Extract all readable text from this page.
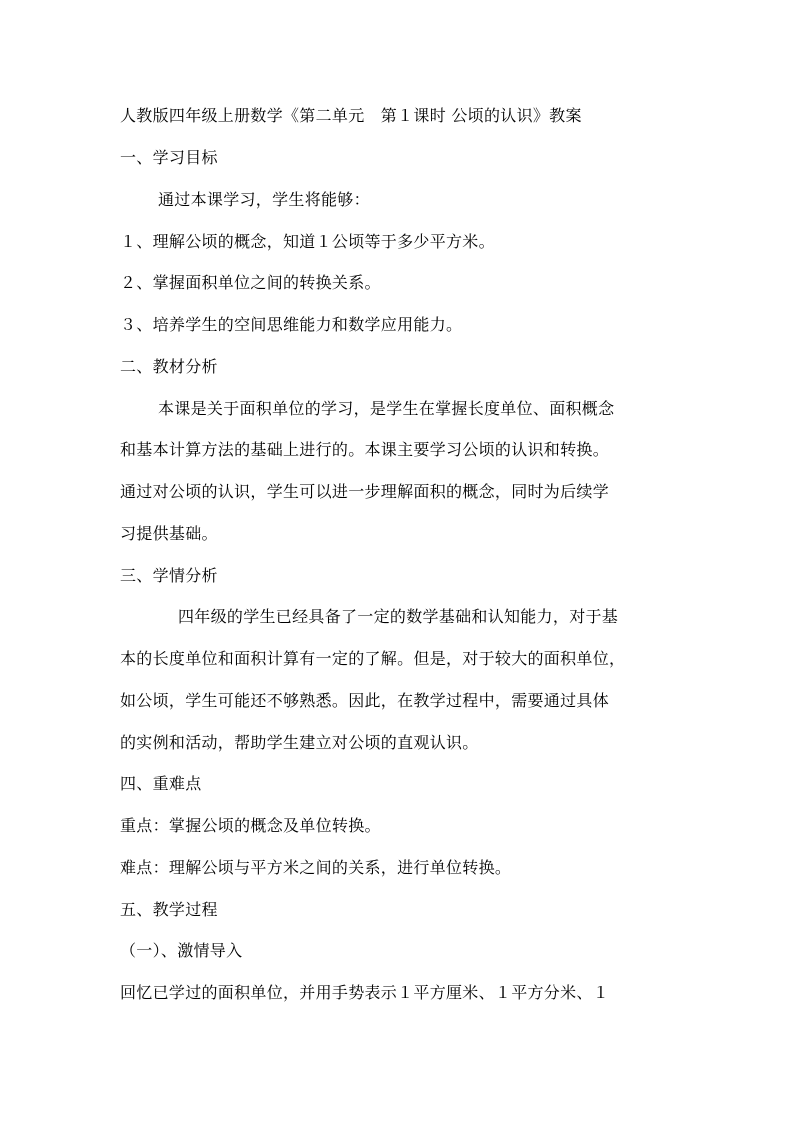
人教版四年级上册数学《第二单元　第１课时 公顷的认识》教案
一、学习目标
通过本课学习，学生将能够：
１、理解公顷的概念，知道１公顷等于多少平方米。
２、掌握面积单位之间的转换关系。
３、培养学生的空间思维能力和数学应用能力。
二、教材分析
本课是关于面积单位的学习，是学生在掌握长度单位、面积概念
和基本计算方法的基础上进行的。本课主要学习公顷的认识和转换。
通过对公顷的认识，学生可以进一步理解面积的概念，同时为后续学
习提供基础。
三、学情分析
四年级的学生已经具备了一定的数学基础和认知能力，对于基
本的长度单位和面积计算有一定的了解。但是，对于较大的面积单位，
如公顷，学生可能还不够熟悉。因此，在教学过程中，需要通过具体
的实例和活动，帮助学生建立对公顷的直观认识。
四、重难点
重点：掌握公顷的概念及单位转换。
难点：理解公顷与平方米之间的关系，进行单位转换。
五、教学过程
（一）、激情导入
回忆已学过的面积单位，并用手势表示１平方厘米、１平方分米、１
